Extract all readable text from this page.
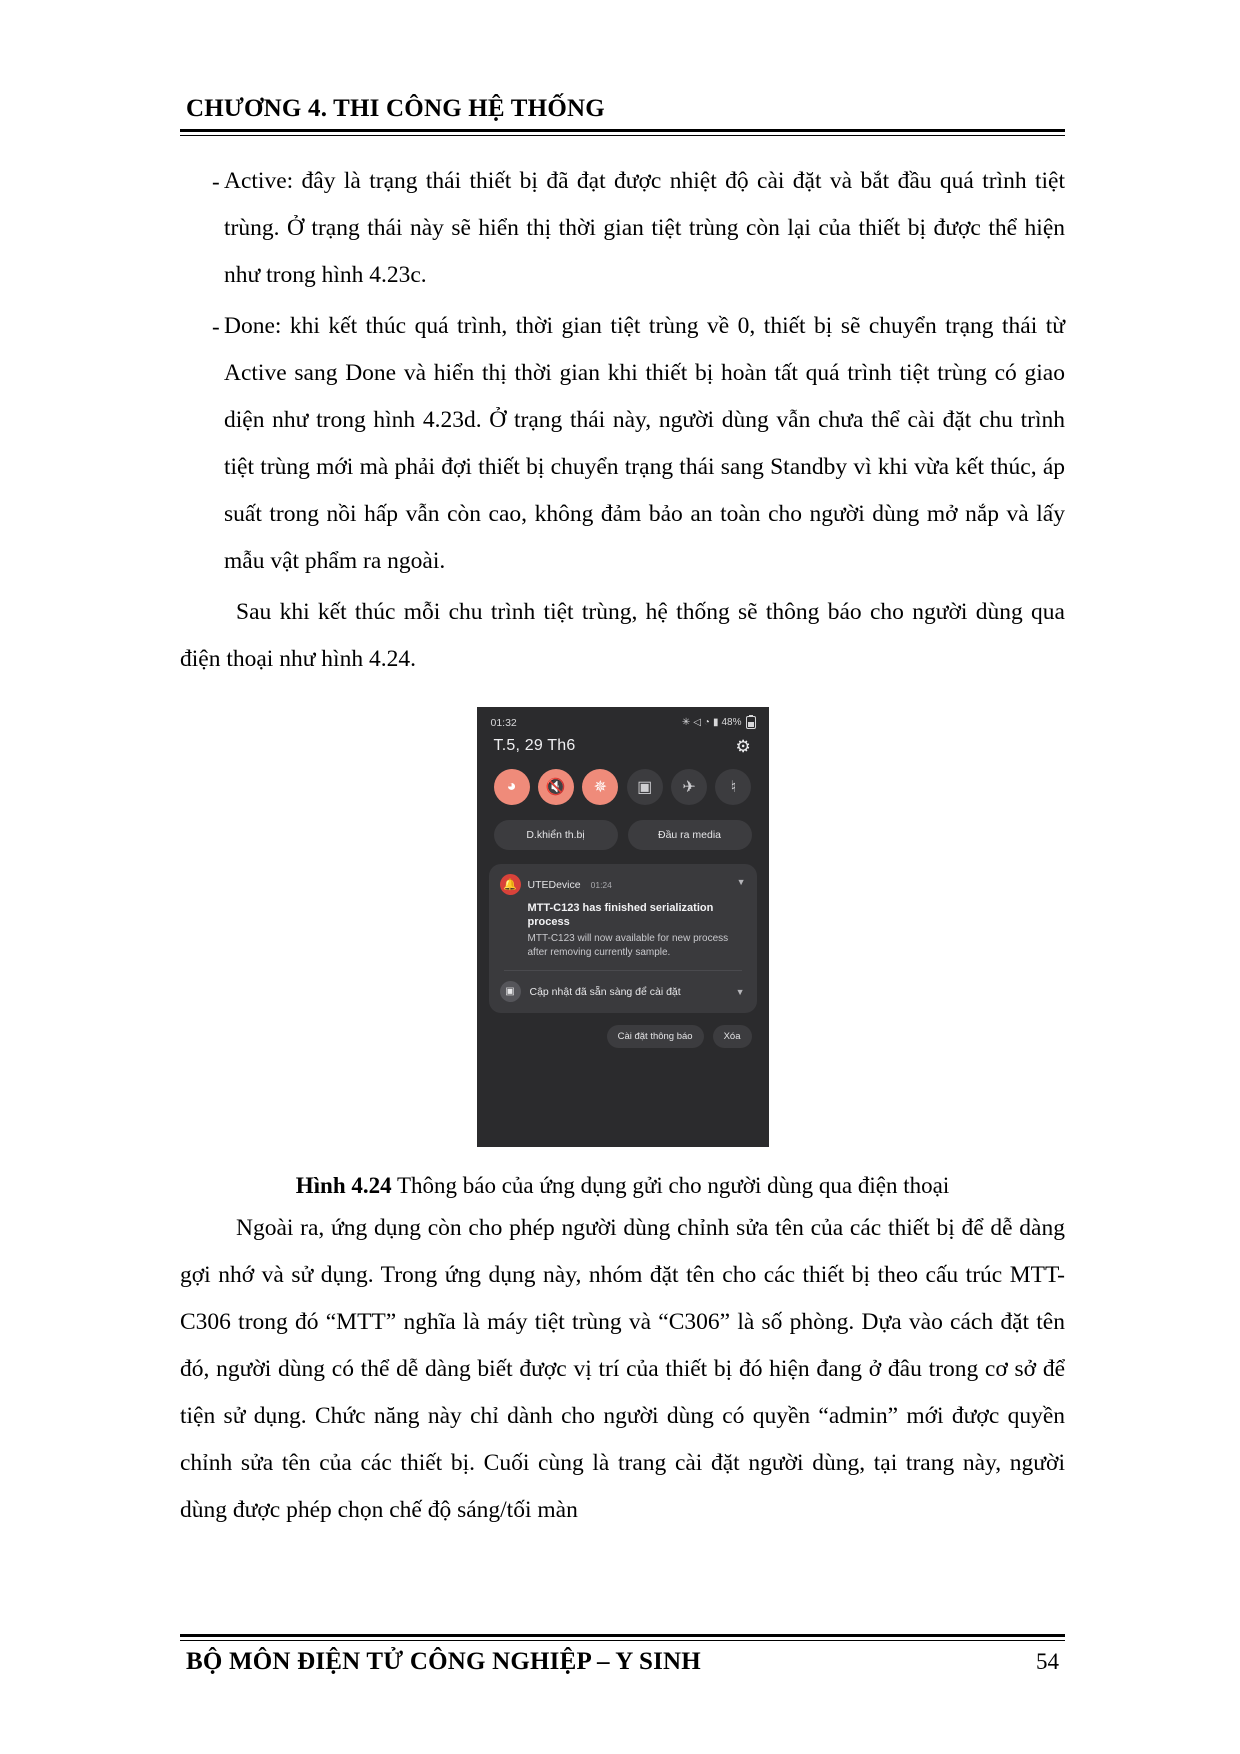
CHƯƠNG 4. THI CÔNG HỆ THỐNG
- Active: đây là trạng thái thiết bị đã đạt được nhiệt độ cài đặt và bắt đầu quá trình tiệt trùng. Ở trạng thái này sẽ hiển thị thời gian tiệt trùng còn lại của thiết bị được thể hiện như trong hình 4.23c.
- Done: khi kết thúc quá trình, thời gian tiệt trùng về 0, thiết bị sẽ chuyển trạng thái từ Active sang Done và hiển thị thời gian khi thiết bị hoàn tất quá trình tiệt trùng có giao diện như trong hình 4.23d. Ở trạng thái này, người dùng vẫn chưa thể cài đặt chu trình tiệt trùng mới mà phải đợi thiết bị chuyển trạng thái sang Standby vì khi vừa kết thúc, áp suất trong nồi hấp vẫn còn cao, không đảm bảo an toàn cho người dùng mở nắp và lấy mẫu vật phẩm ra ngoài.

Sau khi kết thúc mỗi chu trình tiệt trùng, hệ thống sẽ thông báo cho người dùng qua điện thoại như hình 4.24.

01:32	✳ ◁ ◔ ▮ 48%
T.5, 29 Th6	⚙
◕ 🔇 ✵ ▣ ✈ ♮
D.khiển th.bị	Đầu ra media
🔔	UTEDevice 01:24	▼
MTT-C123 has finished serialization process
MTT-C123 will now available for new process after removing currently sample.
▣	Cập nhật đã sẵn sàng để cài đặt	▼
Cài đặt thông báo	Xóa
Hình 4.24 Thông báo của ứng dụng gửi cho người dùng qua điện thoại

Ngoài ra, ứng dụng còn cho phép người dùng chỉnh sửa tên của các thiết bị để dễ dàng gợi nhớ và sử dụng. Trong ứng dụng này, nhóm đặt tên cho các thiết bị theo cấu trúc MTT-C306 trong đó “MTT” nghĩa là máy tiệt trùng và “C306” là số phòng. Dựa vào cách đặt tên đó, người dùng có thể dễ dàng biết được vị trí của thiết bị đó hiện đang ở đâu trong cơ sở để tiện sử dụng. Chức năng này chỉ dành cho người dùng có quyền “admin” mới được quyền chỉnh sửa tên của các thiết bị. Cuối cùng là trang cài đặt người dùng, tại trang này, người dùng được phép chọn chế độ sáng/tối màn

BỘ MÔN ĐIỆN TỬ CÔNG NGHIỆP – Y SINH	54
